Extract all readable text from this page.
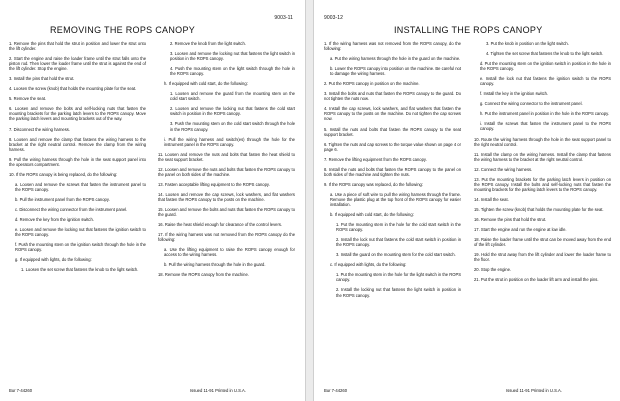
9003-11
REMOVING THE ROPS CANOPY

1. Remove the pins that hold the strut in position and lower the strut onto the lift cylinder.

2. Start the engine and raise the loader frame until the strut falls onto the piston rod. Then lower the loader frame until the strut is against the end of the lift cylinder. Stop the engine.

3. Install the pins that hold the strut.

4. Loosen the screw (knob) that holds the mounting plate for the seat.

5. Remove the seat.

6. Loosen and remove the bolts and self-locking nuts that fasten the mounting brackets for the parking latch levers to the ROPS canopy. Move the parking latch levers and mounting brackets out of the way.

7. Disconnect the wiring harness.

8. Loosen and remove the clamp that fastens the wiring harness to the bracket at the right neutral control. Remove the clamp from the wiring harness.

9. Pull the wiring harness through the hole in the seat support panel into the operators compartment.

10. If the ROPS canopy is being replaced, do the following:

a. Loosen and remove the screws that fasten the instrument panel to the ROPS canopy.

b. Pull the instrument panel from the ROPS canopy.

c. Disconnect the wiring connector from the instrument panel.

d. Remove the key from the ignition switch.

e. Loosen and remove the locking nut that fastens the ignition switch to the ROPS canopy.

f. Push the mounting stem on the ignition switch through the hole in the ROPS canopy.

g. If equipped with lights, do the following:

1. Loosen the set screw that fastens the knob to the light switch.

2. Remove the knob from the light switch.

3. Loosen and remove the locking nut that fastens the light switch in position in the ROPS canopy.

4. Push the mounting stem on the light switch through the hole in the ROPS canopy.

h. If equipped with cold start, do the following:

1. Loosen and remove the guard from the mounting stem on the cold start switch.

2. Loosen and remove the locking nut that fastens the cold start switch in position in the ROPS canopy.

3. Push the mounting stem on the cold start switch through the hole in the ROPS canopy.

i. Pull the wiring harness and switch(es) through the hole for the instrument panel in the ROPS canopy.

11. Loosen and remove the nuts and bolts that fasten the heat shield to the seat support bracket.

12. Loosen and remove the nuts and bolts that fasten the ROPS canopy to the panel on both sides of the machine.

13. Fasten acceptable lifting equipment to the ROPS canopy.

14. Loosen and remove the cap screws, lock washers, and flat washers that fasten the ROPS canopy to the posts on the machine.

15. Loosen and remove the bolts and nuts that fasten the ROPS canopy to the guard.

16. Raise the heat shield enough for clearance of the control levers.

17. If the wiring harness was not removed from the ROPS canopy do the following:

a. Use the lifting equipment to raise the ROPS canopy enough for access to the wiring harness.

b. Pull the wiring harness through the hole in the guard.

18. Remove the ROPS canopy from the machine.

Bur 7-44260	Issued 11-91 Printed in U.S.A.
9003-12
INSTALLING THE ROPS CANOPY

1. If the wiring harness was not removed from the ROPS canopy, do the following:

a. Put the wiring harness through the hole in the guard on the machine.

b. Lower the ROPS canopy into position on the machine. Be careful not to damage the wiring harness.

2. Put the ROPS canopy in position on the machine.

3. Install the bolts and nuts that fasten the ROPS canopy to the guard. Do not tighten the nuts now.

4. Install the cap screws, lock washers, and flat washers that fasten the ROPS canopy to the posts on the machine. Do not tighten the cap screws now.

5. Install the nuts and bolts that fasten the ROPS canopy to the seat support bracket.

6. Tighten the nuts and cap screws to the torque value shown on page 4 or page 6.

7. Remove the lifting equipment from the ROPS canopy.

8. Install the nuts and bolts that fasten the ROPS canopy to the panel on both sides of the machine and tighten the nuts.

9. If the ROPS canopy was replaced, do the following:

a. Use a piece of soft wire to pull the wiring harness through the frame. Remove the plastic plug at the top front of the ROPS canopy for easier installation.

b. If equipped with cold start, do the following:

1. Put the mounting stem in the hole for the cold start switch in the ROPS canopy.

2. Install the lock nut that fastens the cold start switch in position in the ROPS canopy.

3. Install the guard on the mounting stem for the cold start switch.

c. If equipped with lights, do the following:

1. Put the mounting stem in the hole for the light switch in the ROPS canopy.

2. Install the locking nut that fastens the light switch in position in the ROPS canopy.

3. Put the knob in position on the light switch.

4. Tighten the set screw that fastens the knob to the light switch.

d. Put the mounting stem on the ignition switch in position in the hole in the ROPS canopy.

e. Install the lock nut that fastens the ignition switch to the ROPS canopy.

f. Install the key in the ignition switch.

g. Connect the wiring connector to the instrument panel.

h. Put the instrument panel in position in the hole in the ROPS canopy.

i. Install the screws that fasten the instrument panel to the ROPS canopy.

10. Route the wiring harness through the hole in the seat support panel to the right neutral control.

11. Install the clamp on the wiring harness. Install the clamp that fastens the wiring harness to the bracket at the right neutral control.

12. Connect the wiring harness.

13. Put the mounting brackets for the parking latch levers in position on the ROPS canopy. Install the bolts and self-locking nuts that fasten the mounting brackets for the parking latch levers to the ROPS canopy.

14. Install the seat.

15. Tighten the screw (knob) that holds the mounting plate for the seat.

16. Remove the pins that hold the strut.

17. Start the engine and run the engine at low idle.

18. Raise the loader frame until the strut can be moved away from the end of the lift cylinder.

19. Hold the strut away from the lift cylinder and lower the loader frame to the floor.

20. Stop the engine.

21. Put the strut in position on the loader lift arm and install the pins.

Bur 7-44260	Issued 11-91 Printed in U.S.A.
